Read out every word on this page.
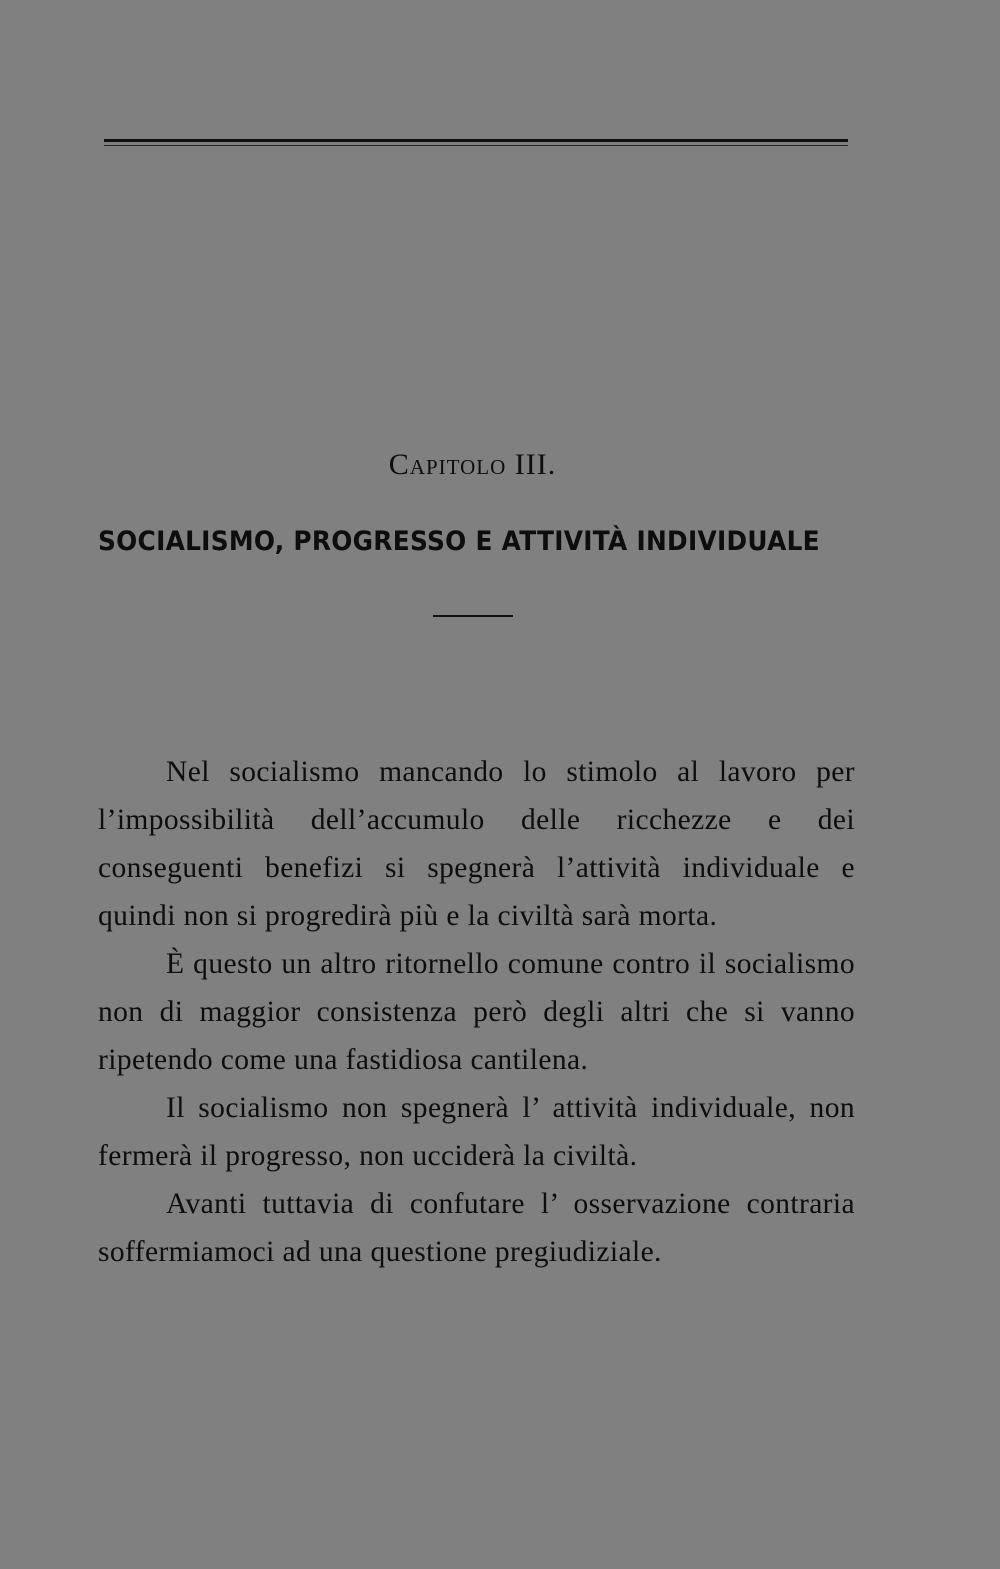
Capitolo III.
SOCIALISMO, PROGRESSO E ATTIVITÀ INDIVIDUALE

Nel socialismo mancando lo stimolo al lavoro per l’impossibilità dell’accumulo delle ricchezze e dei conseguenti benefizi si spegnerà l’attività individuale e quindi non si progredirà più e la civiltà sarà morta.

È questo un altro ritornello comune contro il socialismo non di maggior consistenza però degli altri che si vanno ripetendo come una fastidiosa cantilena.

Il socialismo non spegnerà l’ attività individuale, non fermerà il progresso, non ucciderà la civiltà.

Avanti tuttavia di confutare l’ osservazione contraria soffermiamoci ad una questione pregiudiziale.
